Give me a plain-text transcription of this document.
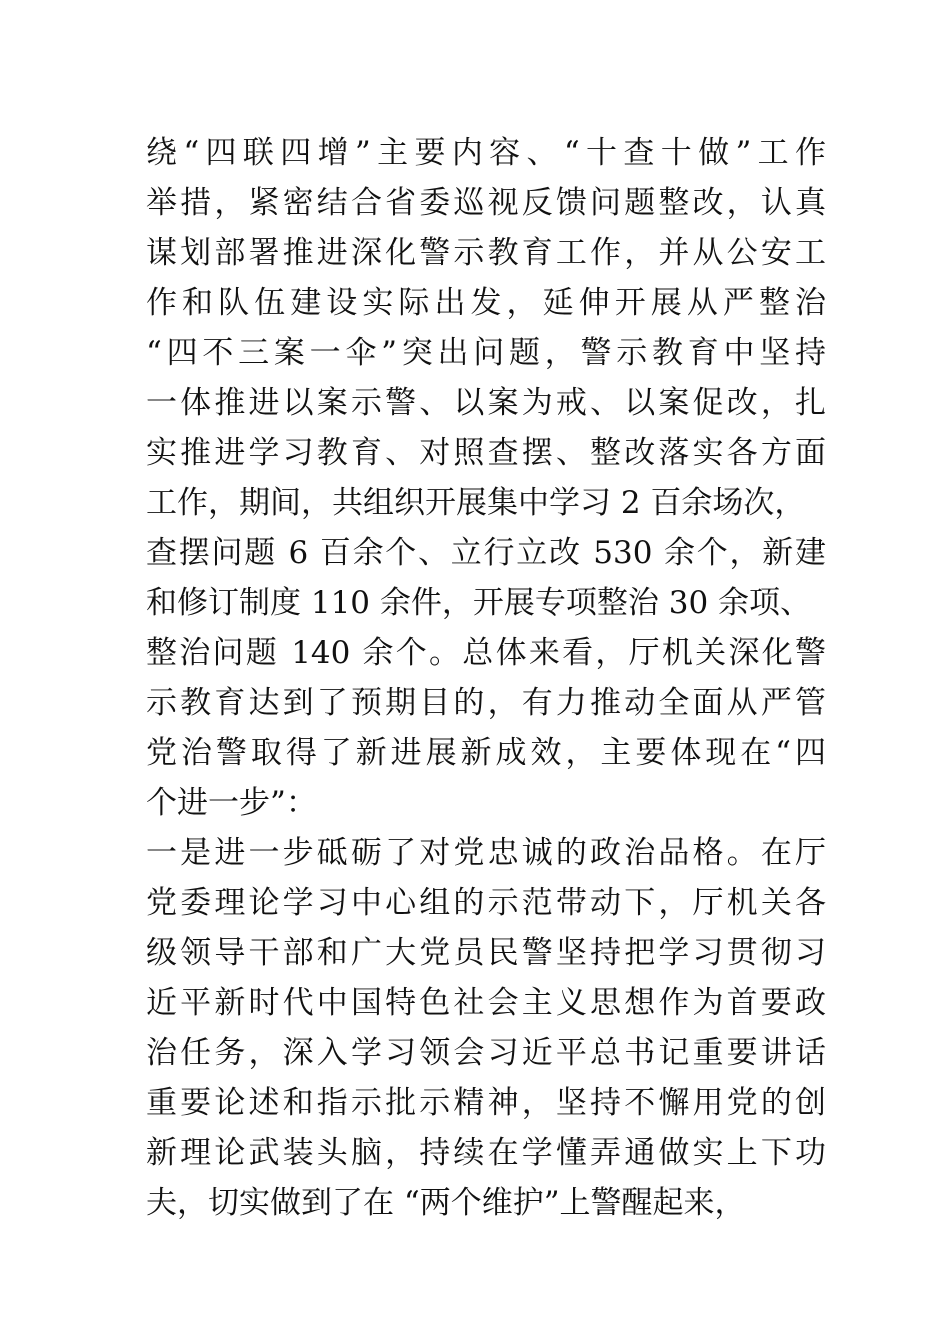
绕“四联四增”主要内容、“十查十做”工作
举措，紧密结合省委巡视反馈问题整改，认真
谋划部署推进深化警示教育工作，并从公安工
作和队伍建设实际出发，延伸开展从严整治
“四不三案一伞”突出问题，警示教育中坚持
一体推进以案示警、以案为戒、以案促改，扎
实推进学习教育、对照查摆、整改落实各方面
工作，期间，共组织开展集中学习 2 百余场次，
查摆问题 6 百余个、立行立改 530 余个，新建
和修订制度 110 余件，开展专项整治 30 余项、
整治问题 140 余个。总体来看，厅机关深化警
示教育达到了预期目的，有力推动全面从严管
党治警取得了新进展新成效，主要体现在“四
个进一步”：
一是进一步砥砺了对党忠诚的政治品格。在厅
党委理论学习中心组的示范带动下，厅机关各
级领导干部和广大党员民警坚持把学习贯彻习
近平新时代中国特色社会主义思想作为首要政
治任务，深入学习领会习近平总书记重要讲话
重要论述和指示批示精神，坚持不懈用党的创
新理论武装头脑，持续在学懂弄通做实上下功
夫，切实做到了在 “两个维护”上警醒起来，
